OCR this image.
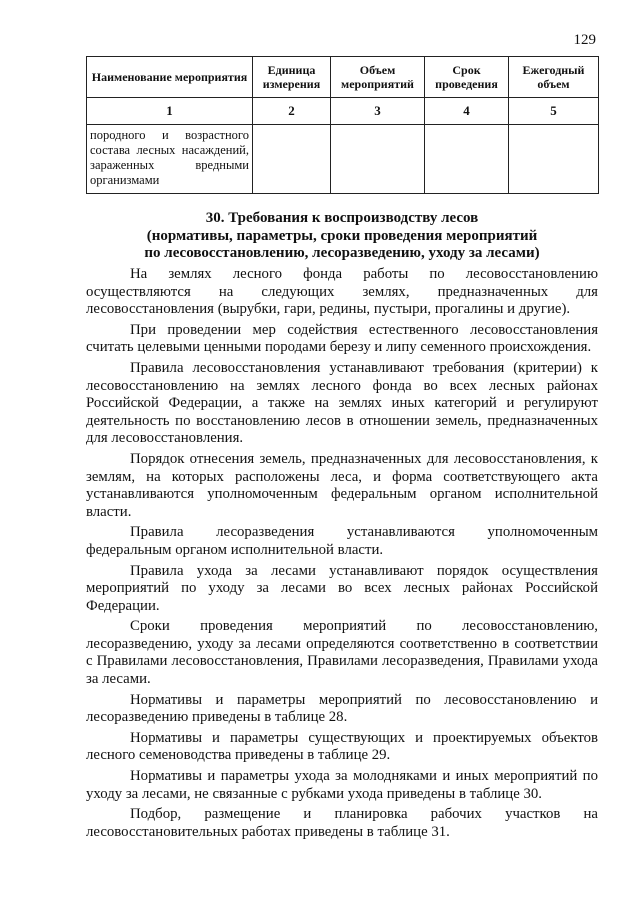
129
Наименование мероприятия	Единица измерения	Объем мероприятий	Срок проведения	Ежегодный объем
1	2	3	4	5

породного и возрастного состава лесных насаждений, зараженных вредными организмами				

30. Требования к воспроизводству лесов
(нормативы, параметры, сроки проведения мероприятий
по лесовосстановлению, лесоразведению, уходу за лесами)

На землях лесного фонда работы по лесовосстановлению осуществляются на следующих землях, предназначенных для лесовосстановления (вырубки, гари, редины, пустыри, прогалины и другие).

При проведении мер содействия естественного лесовосстановления считать целевыми ценными породами березу и липу семенного происхождения.

Правила лесовосстановления устанавливают требования (критерии) к лесовосстановлению на землях лесного фонда во всех лесных районах Российской Федерации, а также на землях иных категорий и регулируют деятельность по восстановлению лесов в отношении земель, предназначенных для лесовосстановления.

Порядок отнесения земель, предназначенных для лесовосстановления, к землям, на которых расположены леса, и форма соответствующего акта устанавливаются уполномоченным федеральным органом исполнительной власти.

Правила лесоразведения устанавливаются уполномоченным федеральным органом исполнительной власти.

Правила ухода за лесами устанавливают порядок осуществления мероприятий по уходу за лесами во всех лесных районах Российской Федерации.

Сроки проведения мероприятий по лесовосстановлению, лесоразведению, уходу за лесами определяются соответственно в соответствии с Правилами лесовосстановления, Правилами лесоразведения, Правилами ухода за лесами.

Нормативы и параметры мероприятий по лесовосстановлению и лесоразведению приведены в таблице 28.

Нормативы и параметры существующих и проектируемых объектов лесного семеноводства приведены в таблице 29.

Нормативы и параметры ухода за молодняками и иных мероприятий по уходу за лесами, не связанные с рубками ухода приведены в таблице 30.

Подбор, размещение и планировка рабочих участков на лесовосстановительных работах приведены в таблице 31.
